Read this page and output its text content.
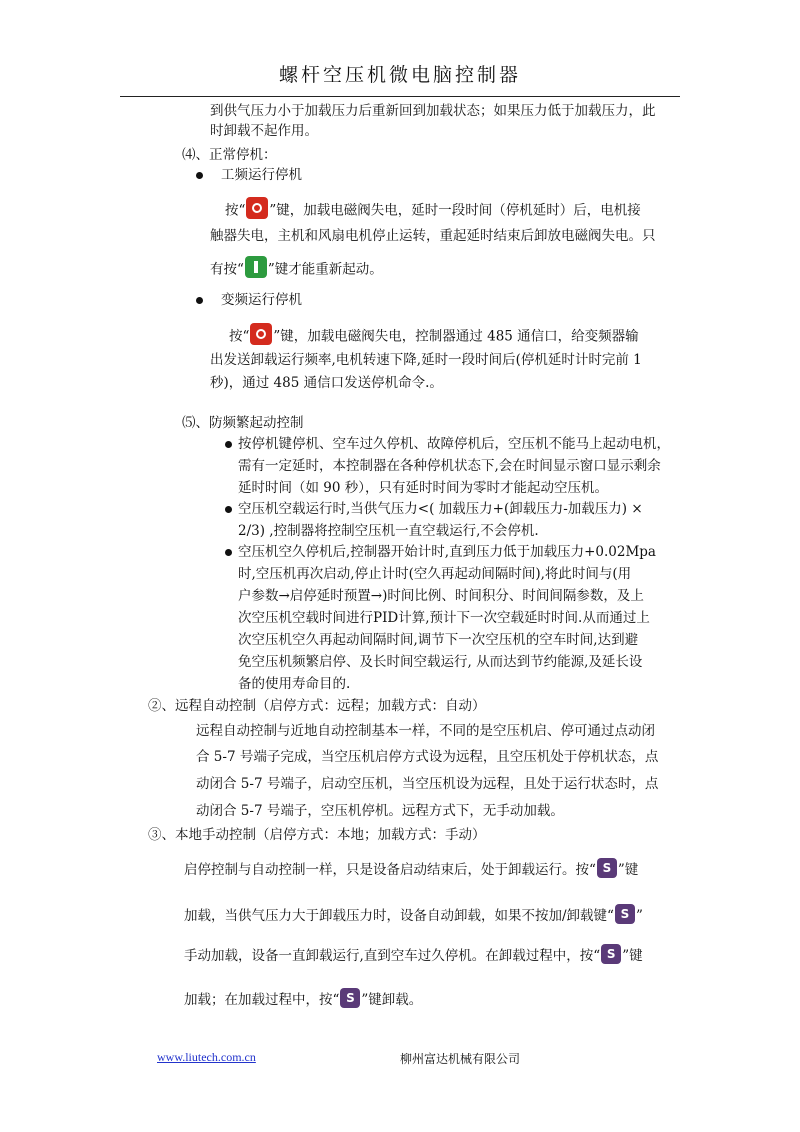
螺杆空压机微电脑控制器
到供气压力小于加载压力后重新回到加载状态；如果压力低于加载压力，此
时卸载不起作用。
⑷、正常停机：
工频运行停机
按“ ”键，加载电磁阀失电，延时一段时间（停机延时）后，电机接
触器失电，主机和风扇电机停止运转，重起延时结束后卸放电磁阀失电。只
有按“ ”键才能重新起动。
变频运行停机
按“ ”键，加载电磁阀失电，控制器通过 485 通信口，给变频器输
出发送卸载运行频率,电机转速下降,延时一段时间后(停机延时计时完前 1
秒)，通过 485 通信口发送停机命令.。
⑸、防频繁起动控制
按停机键停机、空车过久停机、故障停机后，空压机不能马上起动电机，
需有一定延时，本控制器在各种停机状态下,会在时间显示窗口显示剩余
延时时间（如 90 秒），只有延时时间为零时才能起动空压机。
空压机空载运行时,当供气压力<( 加载压力+(卸载压力-加载压力) ×
2/3) ,控制器将控制空压机一直空载运行,不会停机.
空压机空久停机后,控制器开始计时,直到压力低于加载压力+0.02Mpa
时,空压机再次启动,停止计时(空久再起动间隔时间),将此时间与(用
户参数→启停延时预置→)时间比例、时间积分、时间间隔参数，及上
次空压机空载时间进行PID计算,预计下一次空载延时时间.从而通过上
次空压机空久再起动间隔时间,调节下一次空压机的空车时间,达到避
免空压机频繁启停、及长时间空载运行, 从而达到节约能源,及延长设
备的使用寿命目的.
②、远程自动控制（启停方式：远程；加载方式：自动）
远程自动控制与近地自动控制基本一样，不同的是空压机启、停可通过点动闭
合 5-7 号端子完成，当空压机启停方式设为远程，且空压机处于停机状态，点
动闭合 5-7 号端子，启动空压机，当空压机设为远程，且处于运行状态时，点
动闭合 5-7 号端子，空压机停机。远程方式下，无手动加载。
③、本地手动控制（启停方式：本地；加载方式：手动）
启停控制与自动控制一样，只是设备启动结束后，处于卸载运行。按“ S ”键
加载，当供气压力大于卸载压力时，设备自动卸载，如果不按加/卸载键“ S ”
手动加载，设备一直卸载运行,直到空车过久停机。在卸载过程中，按“ S ”键
加载；在加载过程中，按“ S ”键卸载。
www.liutech.com.cn	柳州富达机械有限公司
